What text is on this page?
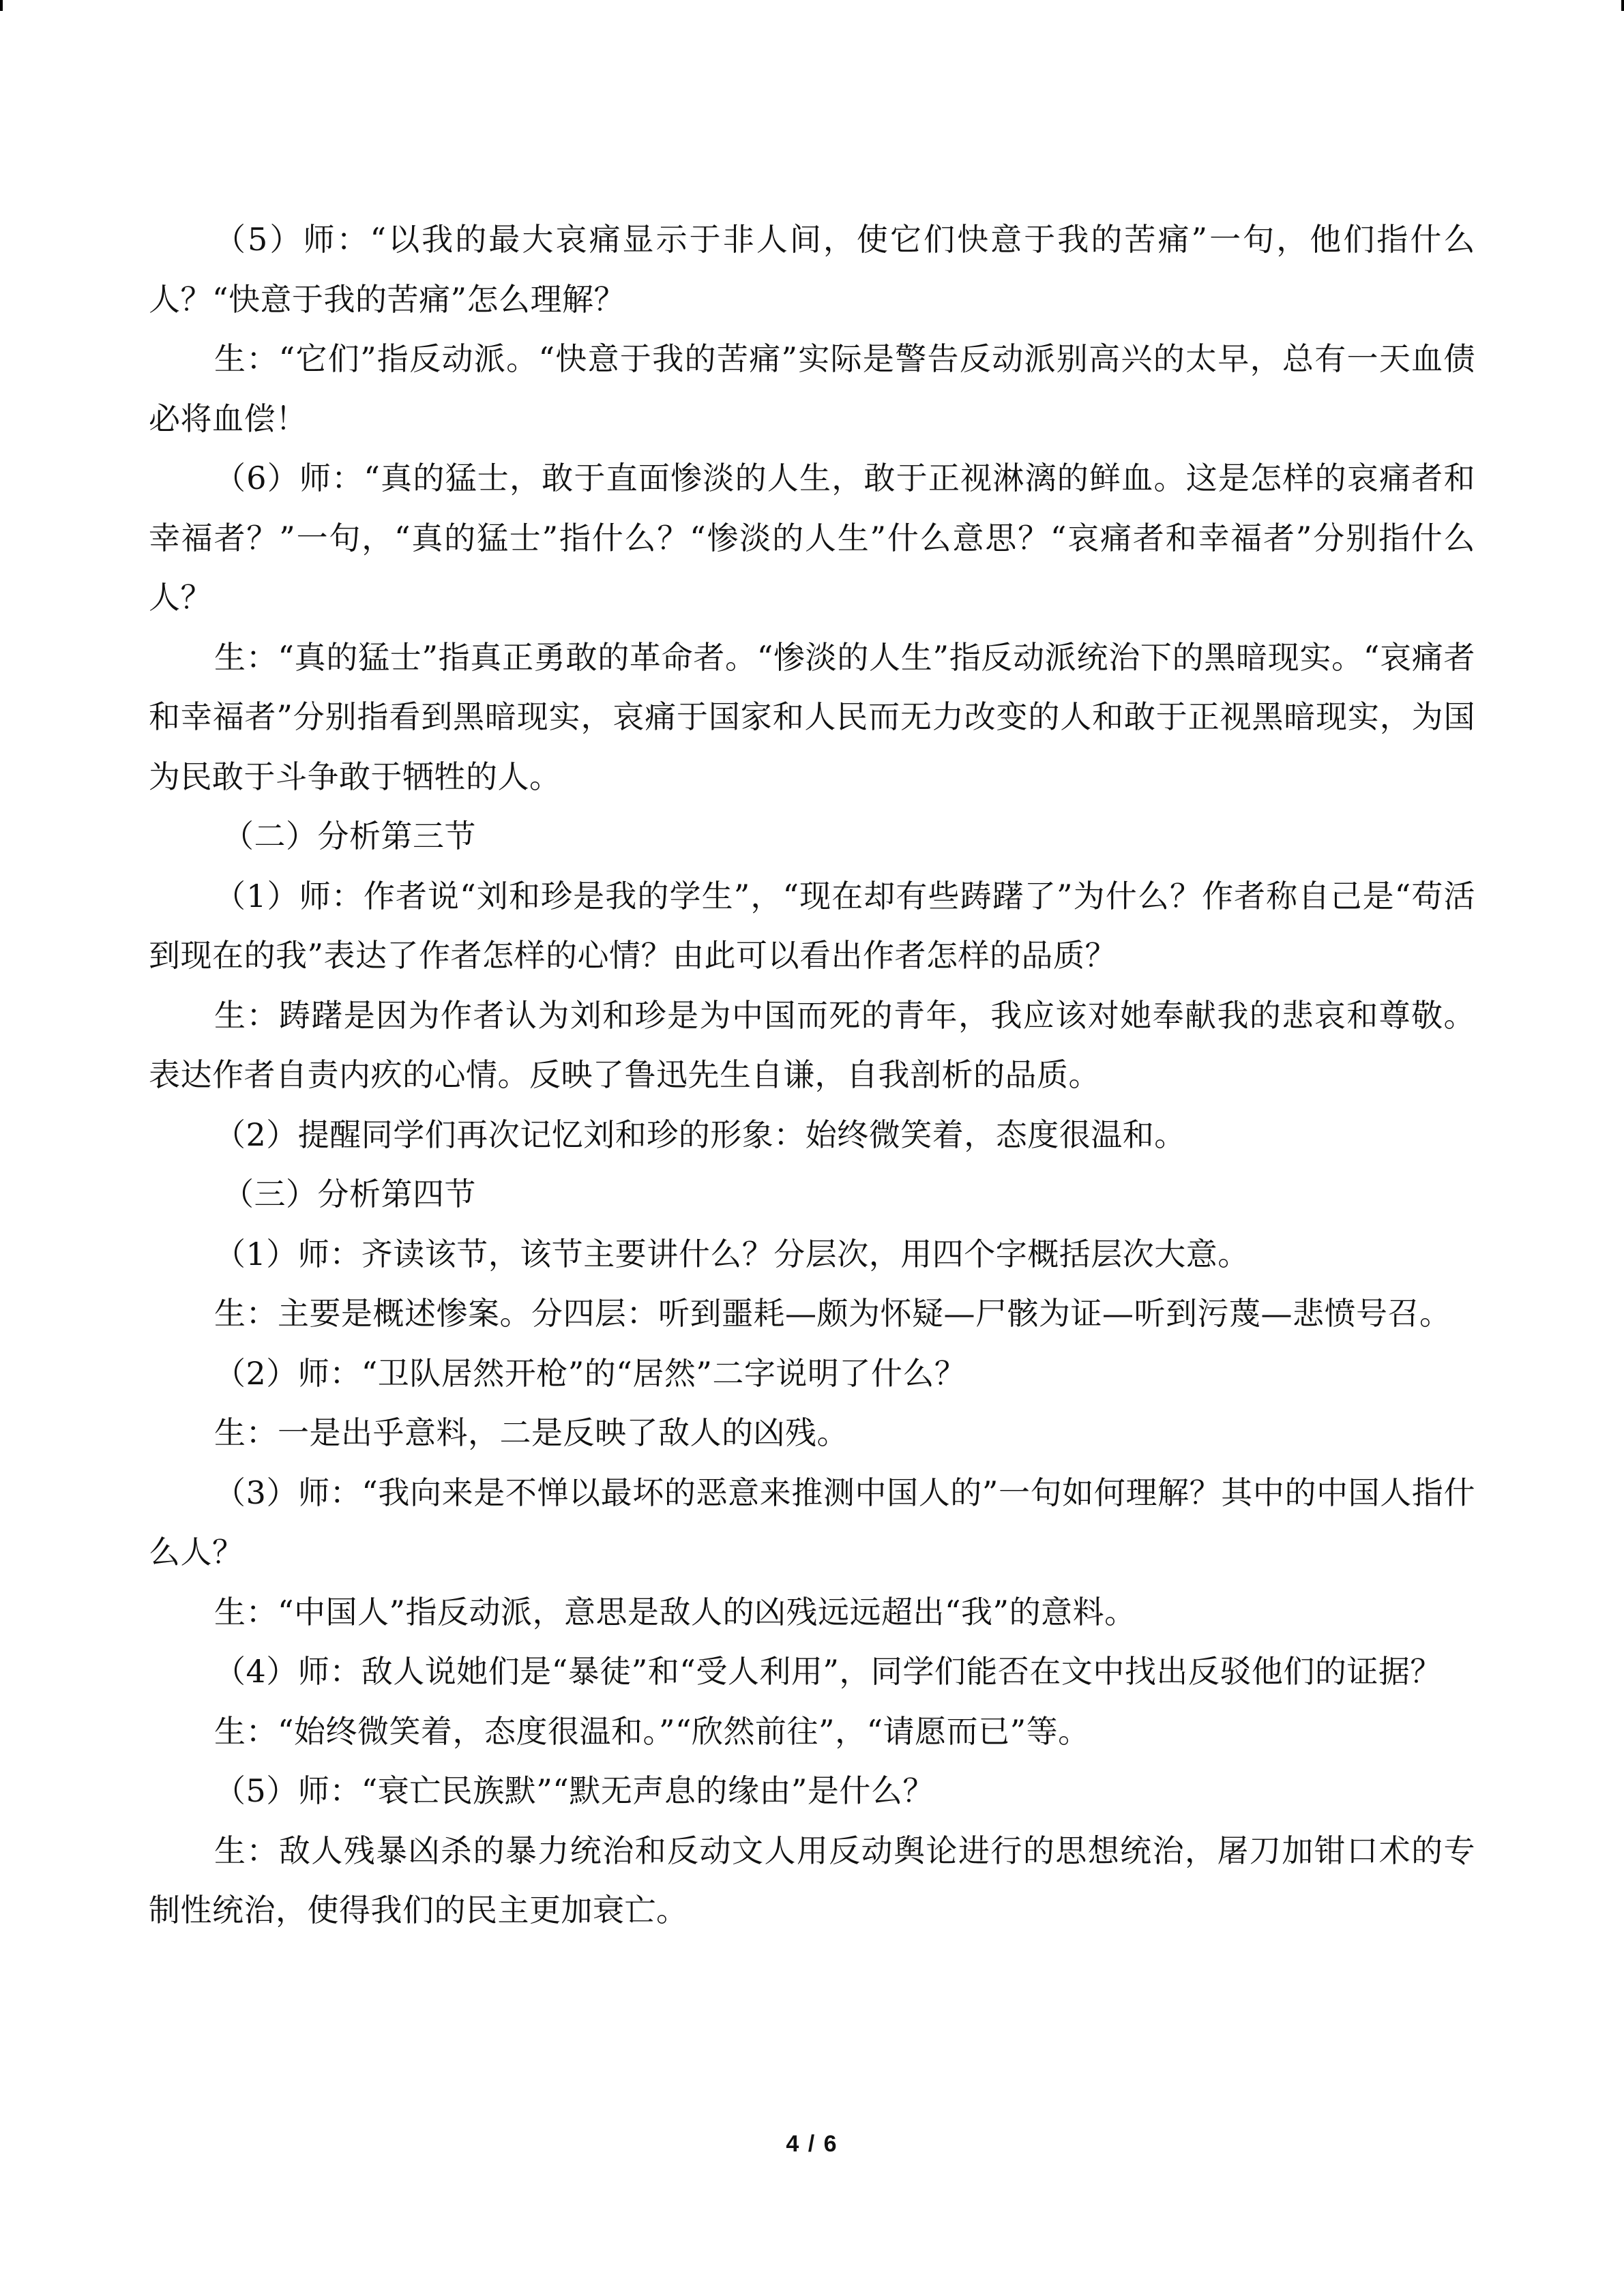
（5）师：“以我的最大哀痛显示于非人间，使它们快意于我的苦痛”一句，他们指什么人？“快意于我的苦痛”怎么理解？

生：“它们”指反动派。“快意于我的苦痛”实际是警告反动派别高兴的太早，总有一天血债必将血偿！

（6）师：“真的猛士，敢于直面惨淡的人生，敢于正视淋漓的鲜血。这是怎样的哀痛者和幸福者？”一句，“真的猛士”指什么？“惨淡的人生”什么意思？“哀痛者和幸福者”分别指什么人？

生：“真的猛士”指真正勇敢的革命者。“惨淡的人生”指反动派统治下的黑暗现实。“哀痛者和幸福者”分别指看到黑暗现实，哀痛于国家和人民而无力改变的人和敢于正视黑暗现实，为国为民敢于斗争敢于牺牲的人。

（二）分析第三节

（1）师：作者说“刘和珍是我的学生”，“现在却有些踌躇了”为什么？作者称自己是“苟活到现在的我”表达了作者怎样的心情？由此可以看出作者怎样的品质？

生：踌躇是因为作者认为刘和珍是为中国而死的青年，我应该对她奉献我的悲哀和尊敬。表达作者自责内疚的心情。反映了鲁迅先生自谦，自我剖析的品质。

（2）提醒同学们再次记忆刘和珍的形象：始终微笑着，态度很温和。

（三）分析第四节

（1）师：齐读该节，该节主要讲什么？分层次，用四个字概括层次大意。

生：主要是概述惨案。分四层：听到噩耗—颇为怀疑—尸骸为证—听到污蔑—悲愤号召。

（2）师：“卫队居然开枪”的“居然”二字说明了什么？

生：一是出乎意料，二是反映了敌人的凶残。

（3）师：“我向来是不惮以最坏的恶意来推测中国人的”一句如何理解？其中的中国人指什么人？

生：“中国人”指反动派，意思是敌人的凶残远远超出“我”的意料。

（4）师：敌人说她们是“暴徒”和“受人利用”，同学们能否在文中找出反驳他们的证据？

生：“始终微笑着，态度很温和。”“欣然前往”，“请愿而已”等。

（5）师：“衰亡民族默”“默无声息的缘由”是什么？

生：敌人残暴凶杀的暴力统治和反动文人用反动舆论进行的思想统治，屠刀加钳口术的专制性统治，使得我们的民主更加衰亡。

4 / 6
